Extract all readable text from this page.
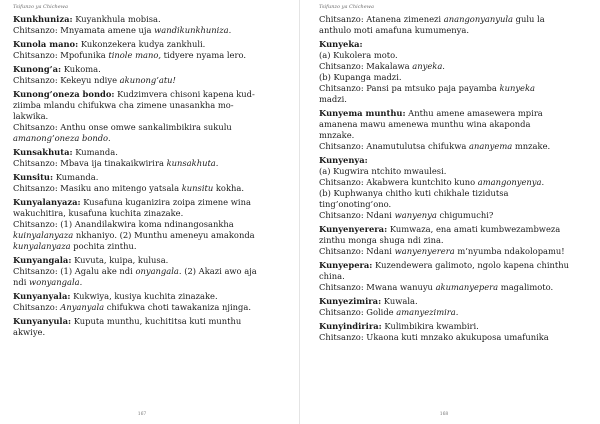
Tsifunzo ya Chichewa
Kunkhuniza: Kuyankhula mobisa.
Chitsanzo: Mnyamata amene uja wandikunkhuniza.
Kunola mano: Kukonzekera kudya zankhuli.
Chitsanzo: Mpofunika tinole mano, tidyere nyama lero.
Kunong’a: Kukoma.
Chitsanzo: Kekeyu ndiye akunong’atu!
Kunong’oneza bondo: Kudzimvera chisoni kapena kud-
ziimba mlandu chifukwa cha zimene unasankha mo-
lakwika.
Chitsanzo: Anthu onse omwe sankalimbikira sukulu
amanong’oneza bondo.
Kunsakhuta: Kumanda.
Chitsanzo: Mbava ija tinakaikwirira kunsakhuta.
Kunsitu: Kumanda.
Chitsanzo: Masiku ano mitengo yatsala kunsitu kokha.
Kunyalanyaza: Kusafuna kuganizira zoipa zimene wina
wakuchitira, kusafuna kuchita zinazake.
Chitsanzo: (1) Anandilakwira koma ndinangosankha
kuinyalanyaza nkhaniyo. (2) Munthu ameneyu amakonda
kunyalanyaza pochita zinthu.
Kunyangala: Kuvuta, kuipa, kulusa.
Chitsanzo: (1) Agalu ake ndi onyangala. (2) Akazi awo aja
ndi wonyangala.
Kunyanyala: Kukwiya, kusiya kuchita zinazake.
Chitsanzo: Anyanyala chifukwa choti tawakaniza njinga.
Kunyanyula: Kuputa munthu, kuchititsa kuti munthu
akwiye.
167
Tsifunzo ya Chichewa
Chitsanzo: Atanena zimenezi anangonyanyula gulu la
anthulo moti amafuna kumumenya.
Kunyeka:
(a) Kukolera moto.
Chitsanzo: Makalawa anyeka.
(b) Kupanga madzi.
Chitsanzo: Pansi pa mtsuko paja payamba kunyeka
madzi.
Kunyema munthu: Anthu amene amasewera mpira
amanena mawu amenewa munthu wina akaponda
mnzake.
Chitsanzo: Anamutulutsa chifukwa ananyema mnzake.
Kunyenya:
(a) Kugwira ntchito mwaulesi.
Chitsanzo: Akabwera kuntchito kuno amangonyenya.
(b) Kuphwanya chitho kuti chikhale tizidutsa
ting’onoting’ono.
Chitsanzo: Ndani wanyenya chigumuchi?
Kunyenyerera: Kumwaza, ena amati kumbwezambweza
zinthu monga shuga ndi zina.
Chitsanzo: Ndani wanyenyerera m’nyumba ndakolopamu!
Kunyepera: Kuzendewera galimoto, ngolo kapena chinthu
china.
Chitsanzo: Mwana wanuyu akumanyepera magalimoto.
Kunyezimira: Kuwala.
Chitsanzo: Golide amanyezimira.
Kunyindirira: Kulimbikira kwambiri.
Chitsanzo: Ukaona kuti mnzako akukuposa umafunika
168
